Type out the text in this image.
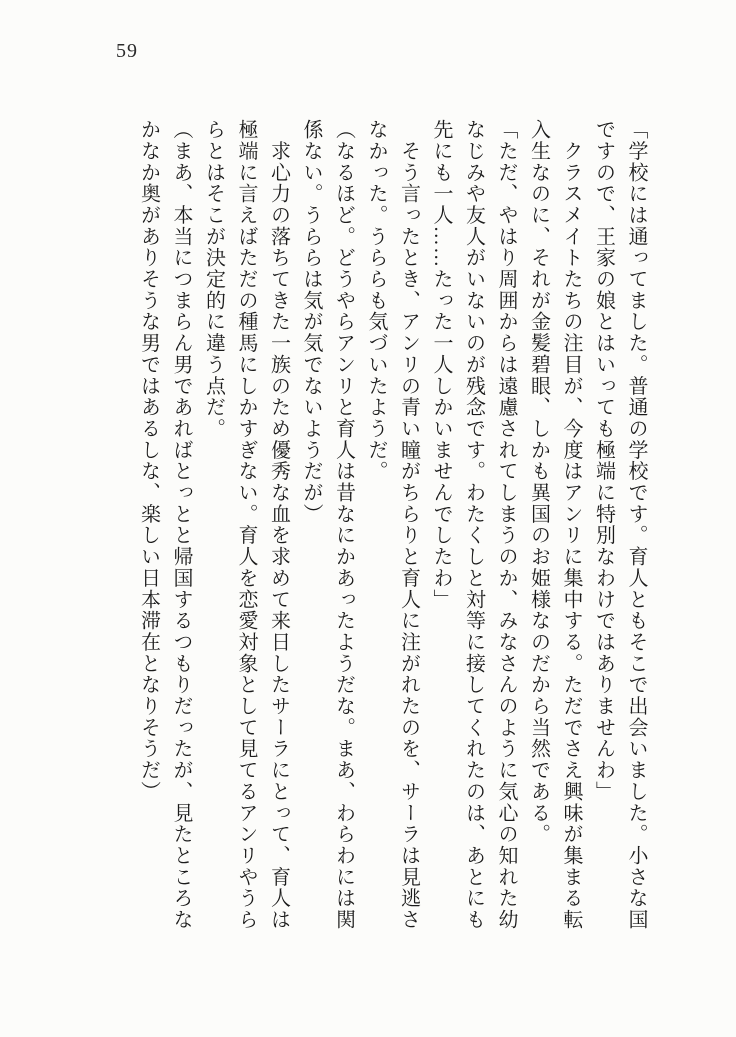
59
「学校には通ってました。普通の学校です。育人ともそこで出会いました。小さな国
ですので、王家の娘とはいっても極端に特別なわけではありませんわ」
　クラスメイトたちの注目が、今度はアンリに集中する。ただでさえ興味が集まる転
入生なのに、それが金髪碧眼、しかも異国のお姫様なのだから当然である。
「ただ、やはり周囲からは遠慮されてしまうのか、みなさんのように気心の知れた幼
なじみや友人がいないのが残念です。わたくしと対等に接してくれたのは、あとにも
先にも一人……たった一人しかいませんでしたわ」
　そう言ったとき、アンリの青い瞳がちらりと育人に注がれたのを、サーラは見逃さ
なかった。うららも気づいたようだ。
（なるほど。どうやらアンリと育人は昔なにかあったようだな。まあ、わらわには関
係ない。うららは気が気でないようだが）
　求心力の落ちてきた一族のため優秀な血を求めて来日したサーラにとって、育人は
極端に言えばただの種馬にしかすぎない。育人を恋愛対象として見てるアンリやうら
らとはそこが決定的に違う点だ。
（まあ、本当につまらん男であればとっとと帰国するつもりだったが、見たところな
かなか奥がありそうな男ではあるしな、楽しい日本滞在となりそうだ）
